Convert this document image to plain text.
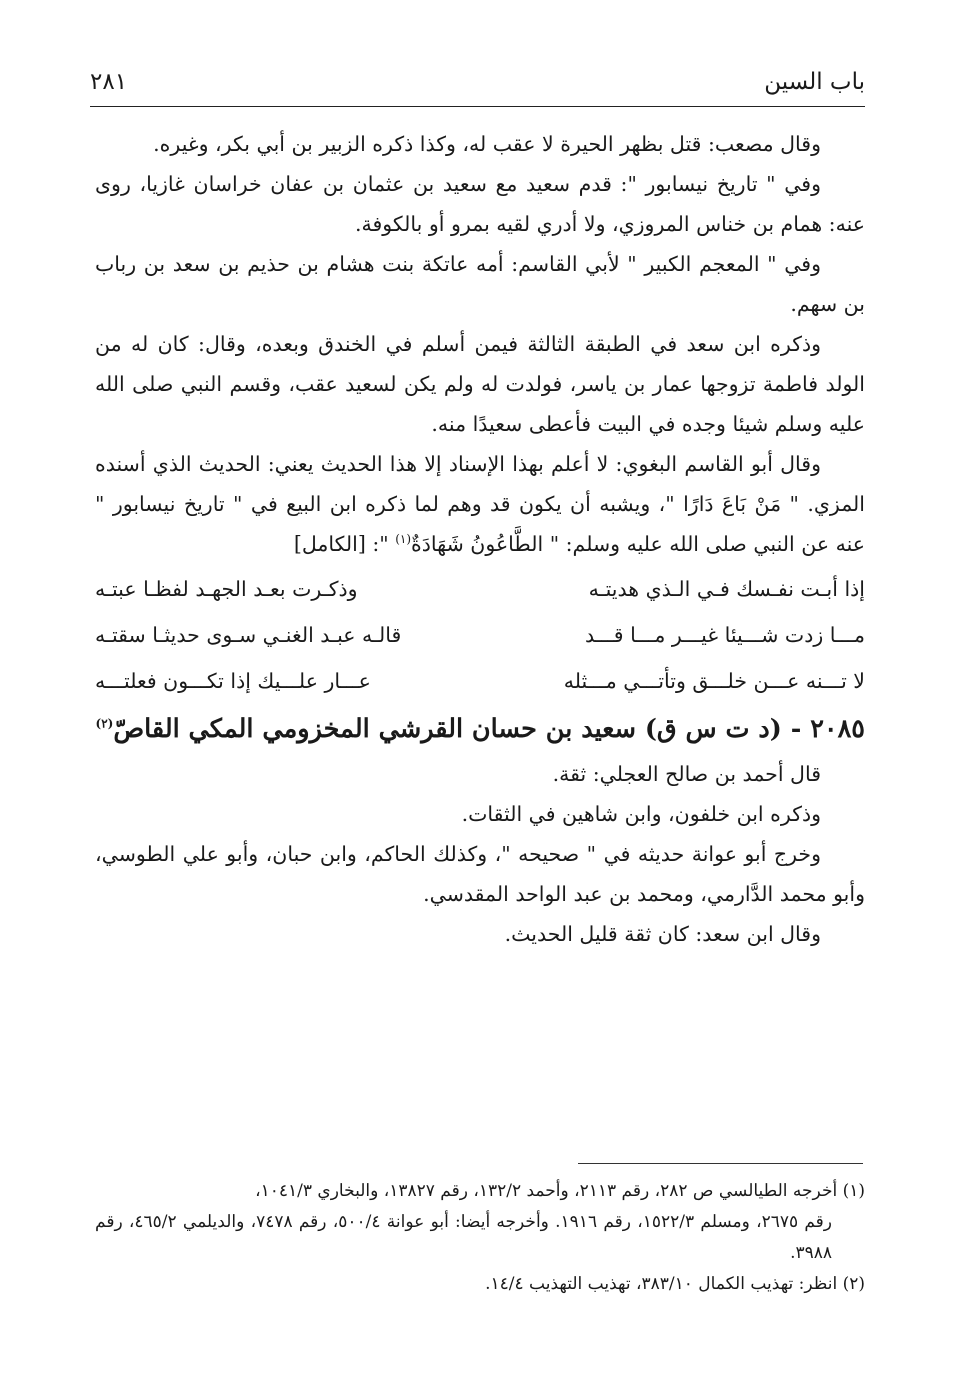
باب السين
٢٨١

وقال مصعب: قتل بظهر الحيرة لا عقب له، وكذا ذكره الزبير بن أبي بكر، وغيره.

وفي " تاريخ نيسابور ": قدم سعيد مع سعيد بن عثمان بن عفان خراسان غازيا، روى عنه: همام بن خناس المروزي، ولا أدري لقيه بمرو أو بالكوفة.

وفي " المعجم الكبير " لأبي القاسم: أمه عاتكة بنت هشام بن حذيم بن سعد بن رباب بن سهم.

وذكره ابن سعد في الطبقة الثالثة فيمن أسلم في الخندق وبعده، وقال: كان له من الولد فاطمة تزوجها عمار بن ياسر، فولدت له ولم يكن لسعيد عقب، وقسم النبي صلى الله عليه وسلم شيئا وجده في البيت فأعطى سعيدًا منه.

وقال أبو القاسم البغوي: لا أعلم بهذا الإسناد إلا هذا الحديث يعني: الحديث الذي أسنده المزي. " مَنْ بَاعَ دَارًا "، ويشبه أن يكون قد وهم لما ذكره ابن البيع في " تاريخ نيسابور " عنه عن النبي صلى الله عليه وسلم: " الطَّاعُونُ شَهَادَةٌ$^{(١)}$ ": [الكامل]

إذا أبـت نفـسك فـي الـذي هديتـه
وذكـرت بعـد الجهـد لفظـا عبتـه
مـــا زدت شـــيئا غيـــر مـــا قـــد
قالـه عبـد الغنـي سـوى حديثـا سقتـه
لا تـــنه عـــن خلـــق وتأتـــي مـــثله
عـــار علـــيك إذا تكـــون فعلتـــه

٢٠٨٥ - (د ت س ق) سعيد بن حسان القرشي المخزومي المكي القاصّ$^{(٢)}$

قال أحمد بن صالح العجلي: ثقة.

وذكره ابن خلفون، وابن شاهين في الثقات.

وخرج أبو عوانة حديثه في " صحيحه "، وكذلك الحاكم، وابن حبان، وأبو علي الطوسي، وأبو محمد الدَّارمي، ومحمد بن عبد الواحد المقدسي.

وقال ابن سعد: كان ثقة قليل الحديث.

(١) أخرجه الطيالسي ص ٢٨٢، رقم ٢١١٣، وأحمد ١٣٢/٢، رقم ١٣٨٢٧، والبخاري ١٠٤١/٣،

رقم ٢٦٧٥، ومسلم ١٥٢٢/٣، رقم ١٩١٦. وأخرجه أيضا: أبو عوانة ٥٠٠/٤، رقم ٧٤٧٨، والديلمي ٤٦٥/٢، رقم ٣٩٨٨.

(٢) انظر: تهذيب الكمال ٣٨٣/١٠، تهذيب التهذيب ١٤/٤.
